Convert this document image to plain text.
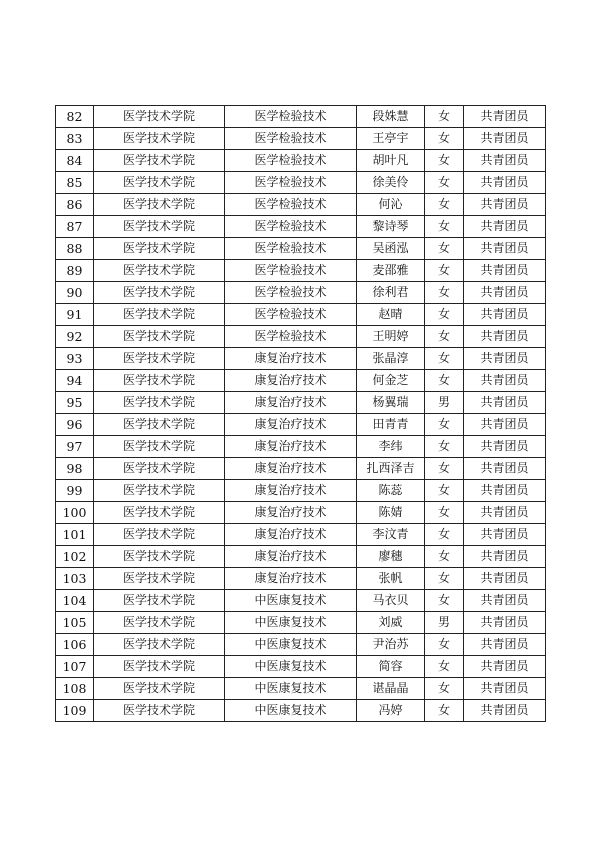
82	医学技术学院	医学检验技术	段姝慧	女	共青团员
83	医学技术学院	医学检验技术	王亭宇	女	共青团员
84	医学技术学院	医学检验技术	胡叶凡	女	共青团员
85	医学技术学院	医学检验技术	徐美伶	女	共青团员
86	医学技术学院	医学检验技术	何沁	女	共青团员
87	医学技术学院	医学检验技术	黎诗琴	女	共青团员
88	医学技术学院	医学检验技术	吴函泓	女	共青团员
89	医学技术学院	医学检验技术	麦邵雅	女	共青团员
90	医学技术学院	医学检验技术	徐利君	女	共青团员
91	医学技术学院	医学检验技术	赵晴	女	共青团员
92	医学技术学院	医学检验技术	王明婷	女	共青团员
93	医学技术学院	康复治疗技术	张晶淳	女	共青团员
94	医学技术学院	康复治疗技术	何金芝	女	共青团员
95	医学技术学院	康复治疗技术	杨翼瑞	男	共青团员
96	医学技术学院	康复治疗技术	田青青	女	共青团员
97	医学技术学院	康复治疗技术	李纬	女	共青团员
98	医学技术学院	康复治疗技术	扎西泽吉	女	共青团员
99	医学技术学院	康复治疗技术	陈蕊	女	共青团员
100	医学技术学院	康复治疗技术	陈婧	女	共青团员
101	医学技术学院	康复治疗技术	李汶青	女	共青团员
102	医学技术学院	康复治疗技术	廖穗	女	共青团员
103	医学技术学院	康复治疗技术	张帆	女	共青团员
104	医学技术学院	中医康复技术	马衣贝	女	共青团员
105	医学技术学院	中医康复技术	刘威	男	共青团员
106	医学技术学院	中医康复技术	尹治苏	女	共青团员
107	医学技术学院	中医康复技术	简容	女	共青团员
108	医学技术学院	中医康复技术	谌晶晶	女	共青团员
109	医学技术学院	中医康复技术	冯婷	女	共青团员
